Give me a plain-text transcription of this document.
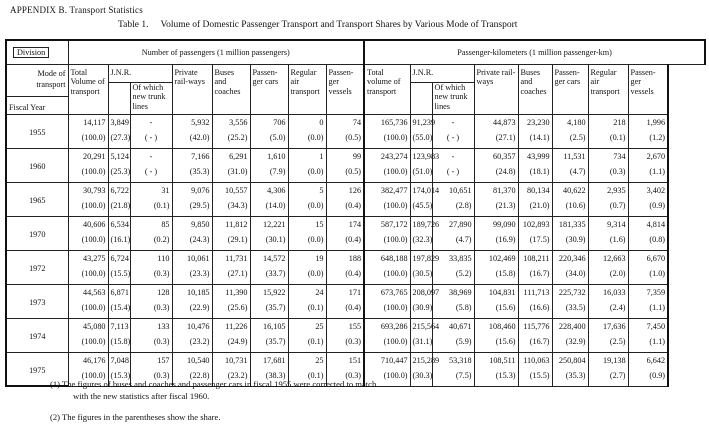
APPENDIX B. Transport Statistics
Table 1. Volume of Domestic Passenger Transport and Transport Shares by Various Mode of Transport
Division	Number of passengers (1 million passengers)								Passenger-kilometers (1 million passenger-km)							

Mode of transport	Total Volume of transport	J.N.R.		Private rail-ways	Buses and coaches	Passen-ger cars	Regular air transport	Passen-ger vessels	Total volume of transport	J.N.R.		Private rail-ways	Buses and coaches	Passen-ger cars	Regular air transport	Passen-ger vessels
			Of which new trunk lines								Of which new trunk lines					
Fiscal Year																
1955	14,117	3,849	-	5,932	3,556	706	0	74	165,736	91,239	-	44,873	23,230	4,180	218	1,996
	(100.0)	(27.3)	( - )	(42.0)	(25.2)	(5.0)	(0.0)	(0.5)	(100.0)	(55.0)	( - )	(27.1)	(14.1)	(2.5)	(0.1)	(1.2)
1960	20,291	5,124	-	7,166	6,291	1,610	1	99	243,274	123,983	-	60,357	43,999	11,531	734	2,670
	(100.0)	(25.3)	( - )	(35.3)	(31.0)	(7.9)	(0.0)	(0.5)	(100.0)	(51.0)	( - )	(24.8)	(18.1)	(4.7)	(0.3)	(1.1)
1965	30,793	6,722	31	9,076	10,557	4,306	5	126	382,477	174,014	10,651	81,370	80,134	40,622	2,935	3,402
	(100.0)	(21.8)	(0.1)	(29.5)	(34.3)	(14.0)	(0.0)	(0.4)	(100.0)	(45.5)	(2.8)	(21.3)	(21.0)	(10.6)	(0.7)	(0.9)
1970	40,606	6,534	85	9,850	11,812	12,221	15	174	587,172	189,726	27,890	99,090	102,893	181,335	9,314	4,814
	(100.0)	(16.1)	(0.2)	(24.3)	(29.1)	(30.1)	(0.0)	(0.4)	(100.0)	(32.3)	(4.7)	(16.9)	(17.5)	(30.9)	(1.6)	(0.8)
1972	43,275	6,724	110	10,061	11,731	14,572	19	188	648,188	197,829	33,835	102,469	108,211	220,346	12,663	6,670
	(100.0)	(15.5)	(0.3)	(23.3)	(27.1)	(33.7)	(0.0)	(0.4)	(100.0)	(30.5)	(5.2)	(15.8)	(16.7)	(34.0)	(2.0)	(1.0)
1973	44,563	6,871	128	10,185	11,390	15,922	24	171	673,765	208,097	38,969	104,831	111,713	225,732	16,033	7,359
	(100.0)	(15.4)	(0.3)	(22.9)	(25.6)	(35.7)	(0.1)	(0.4)	(100.0)	(30.9)	(5.8)	(15.6)	(16.6)	(33.5)	(2.4)	(1.1)
1974	45,080	7,113	133	10,476	11,226	16,105	25	155	693,286	215,564	40,671	108,460	115,776	228,400	17,636	7,450
	(100.0)	(15.8)	(0.3)	(23.2)	(24.9)	(35.7)	(0.1)	(0.3)	(100.0)	(31.1)	(5.9)	(15.6)	(16.7)	(32.9)	(2.5)	(1.1)
1975	46,176	7,048	157	10,540	10,731	17,681	25	151	710,447	215,289	53,318	108,511	110,063	250,804	19,138	6,642
	(100.0)	(15.3)	(0.3)	(22.8)	(23.2)	(38.3)	(0.1)	(0.3)	(100.0)	(30.3)	(7.5)	(15.3)	(15.5)	(35.3)	(2.7)	(0.9)

(1) The figures of buses and coaches and passenger cars in fiscal 1955 were corrected to match

with the new statistics after fiscal 1960.

(2) The figures in the parentheses show the share.
